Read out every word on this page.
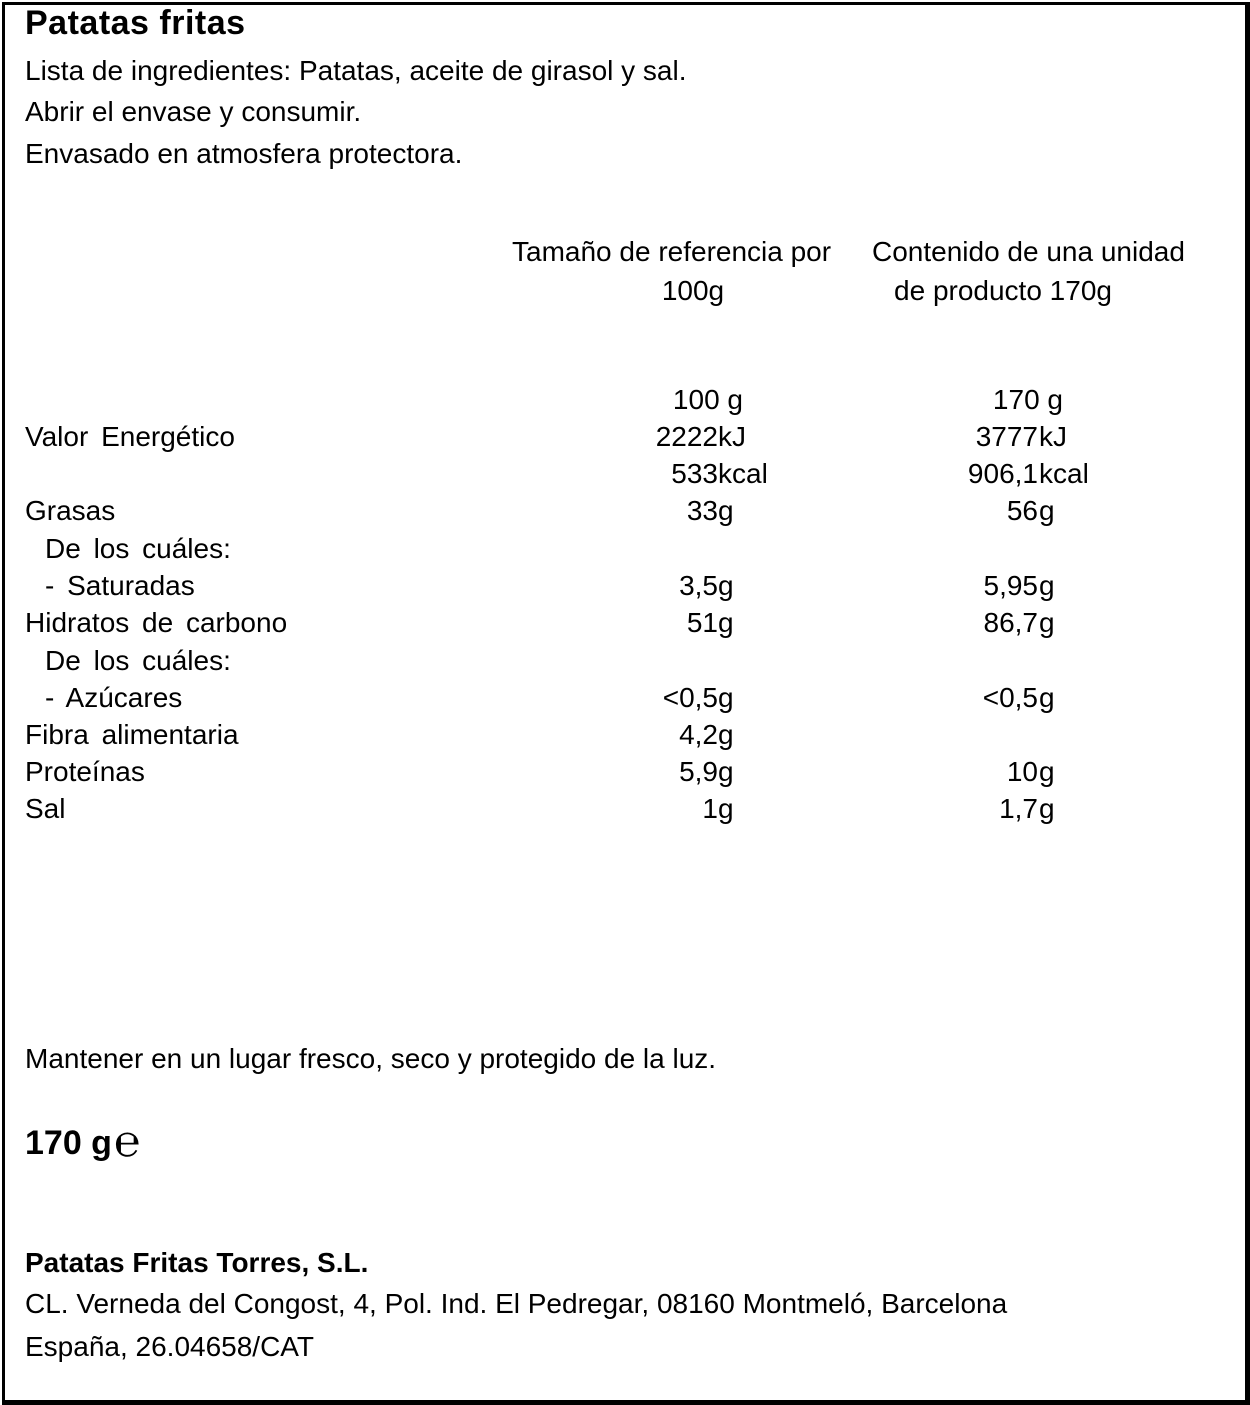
Patatas fritas
Lista de ingredientes: Patatas, aceite de girasol y sal.
Abrir el envase y consumir.
Envasado en atmosfera protectora.
Tamaño de referencia por
100g
Contenido de una unidad
de producto 170g
100 g	170 g
Valor Energético	2222 kJ	3777 kJ
533 kcal	906,1 kcal
Grasas	33 g	56 g
De los cuáles:
- Saturadas	3,5 g	5,95 g
Hidratos de carbono	51 g	86,7 g
De los cuáles:
- Azúcares	<0,5 g	<0,5 g
Fibra alimentaria	4,2 g
Proteínas	5,9 g	10 g
Sal	1 g	1,7 g
Mantener en un lugar fresco, seco y protegido de la luz.
170 g℮
Patatas Fritas Torres, S.L.
CL. Verneda del Congost, 4, Pol. Ind. El Pedregar, 08160 Montmeló, Barcelona
España, 26.04658/CAT
